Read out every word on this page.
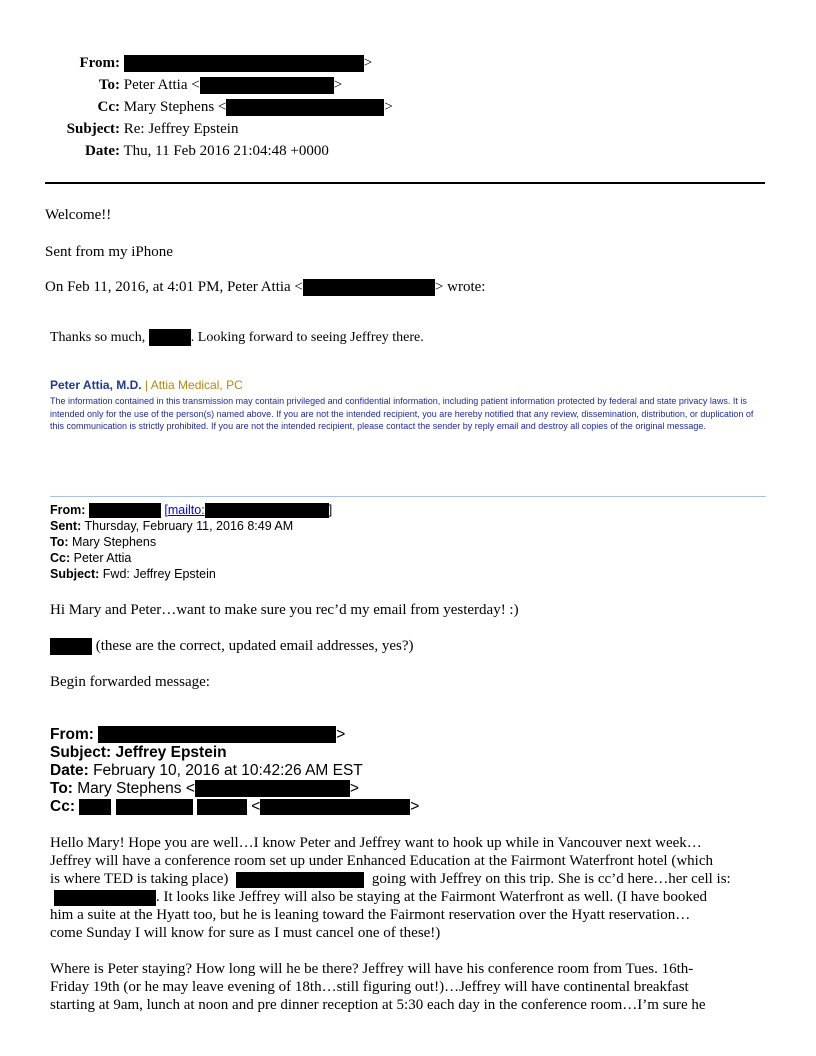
From:	>
To: Peter Attia <	>
Cc: Mary Stephens <	>
Subject: Re: Jeffrey Epstein
Date: Thu, 11 Feb 2016 21:04:48 +0000
Welcome!!
Sent from my iPhone
On Feb 11, 2016, at 4:01 PM, Peter Attia <	> wrote:
Thanks so much,	. Looking forward to seeing Jeffrey there.
Peter Attia, M.D. | Attia Medical, PC
The information contained in this transmission may contain privileged and confidential information, including patient information protected by federal and state privacy laws. It is intended only for the use of the person(s) named above. If you are not the intended recipient, you are hereby notified that any review, dissemination, distribution, or duplication of this communication is strictly prohibited. If you are not the intended recipient, please contact the sender by reply email and destroy all copies of the original message.
From:	[mailto:	]
Sent: Thursday, February 11, 2016 8:49 AM
To: Mary Stephens
Cc: Peter Attia
Subject: Fwd: Jeffrey Epstein
Hi Mary and Peter…want to make sure you rec’d my email from yesterday! :)
(these are the correct, updated email addresses, yes?)
Begin forwarded message:
From:	>
Subject: Jeffrey Epstein
Date: February 10, 2016 at 10:42:26 AM EST
To: Mary Stephens <	>
Cc:	<	>
Hello Mary! Hope you are well…I know Peter and Jeffrey want to hook up while in Vancouver next week…
Jeffrey will have a conference room set up under Enhanced Education at the Fairmont Waterfront hotel (which
is where TED is taking place)	going with Jeffrey on this trip. She is cc’d here…her cell is:
. It looks like Jeffrey will also be staying at the Fairmont Waterfront as well. (I have booked
him a suite at the Hyatt too, but he is leaning toward the Fairmont reservation over the Hyatt reservation…
come Sunday I will know for sure as I must cancel one of these!)
Where is Peter staying? How long will he be there? Jeffrey will have his conference room from Tues. 16th-
Friday 19th (or he may leave evening of 18th…still figuring out!)…Jeffrey will have continental breakfast
starting at 9am, lunch at noon and pre dinner reception at 5:30 each day in the conference room…I’m sure he
